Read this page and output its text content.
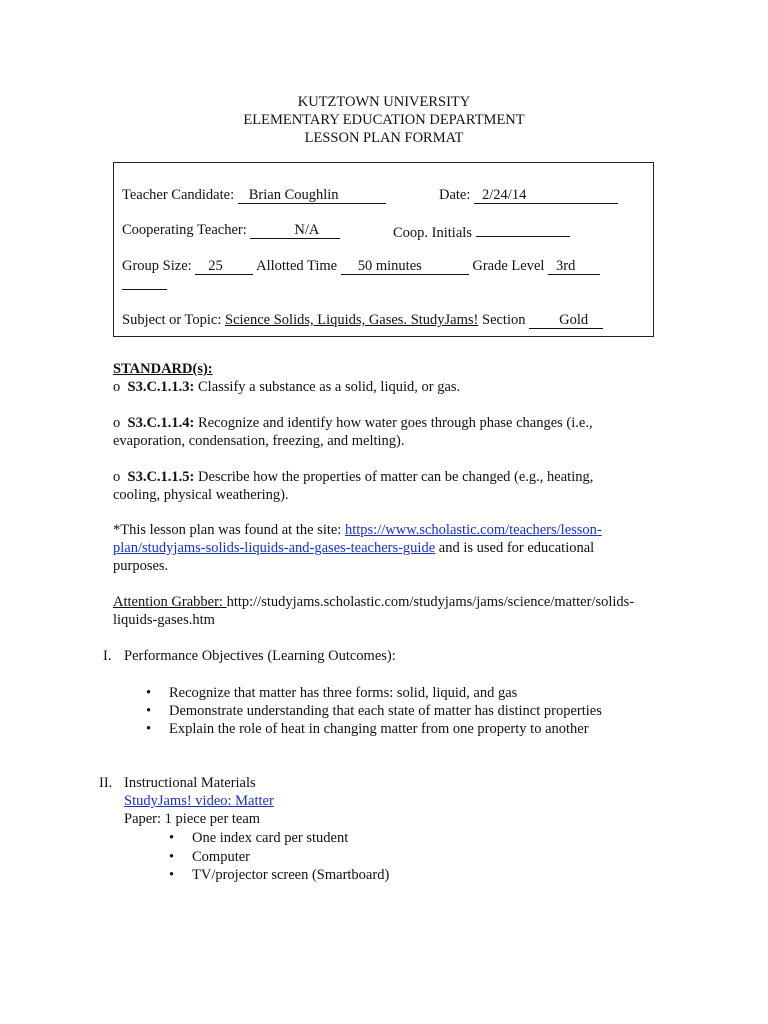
KUTZTOWN UNIVERSITY
ELEMENTARY EDUCATION DEPARTMENT
LESSON PLAN FORMAT
Teacher Candidate: Brian Coughlin	Date: 2/24/14
Cooperating Teacher:	N/A	Coop. Initials
Group Size: 25 Allotted Time 50 minutes	Grade Level 3rd
Subject or Topic: Science Solids, Liquids, Gases. StudyJams! Section Gold
STANDARD(s):
o S3.C.1.1.3: Classify a substance as a solid, liquid, or gas.
o S3.C.1.1.4: Recognize and identify how water goes through phase changes (i.e.,
evaporation, condensation, freezing, and melting).
o S3.C.1.1.5: Describe how the properties of matter can be changed (e.g., heating,
cooling, physical weathering).
*This lesson plan was found at the site: https://www.scholastic.com/teachers/lesson-
plan/studyjams-solids-liquids-and-gases-teachers-guide and is used for educational
purposes.
Attention Grabber: http://studyjams.scholastic.com/studyjams/jams/science/matter/solids-
liquids-gases.htm
I. Performance Objectives (Learning Outcomes):
• Recognize that matter has three forms: solid, liquid, and gas
• Demonstrate understanding that each state of matter has distinct properties
• Explain the role of heat in changing matter from one property to another
II. Instructional Materials
StudyJams! video: Matter
Paper: 1 piece per team
• One index card per student
• Computer
• TV/projector screen (Smartboard)
